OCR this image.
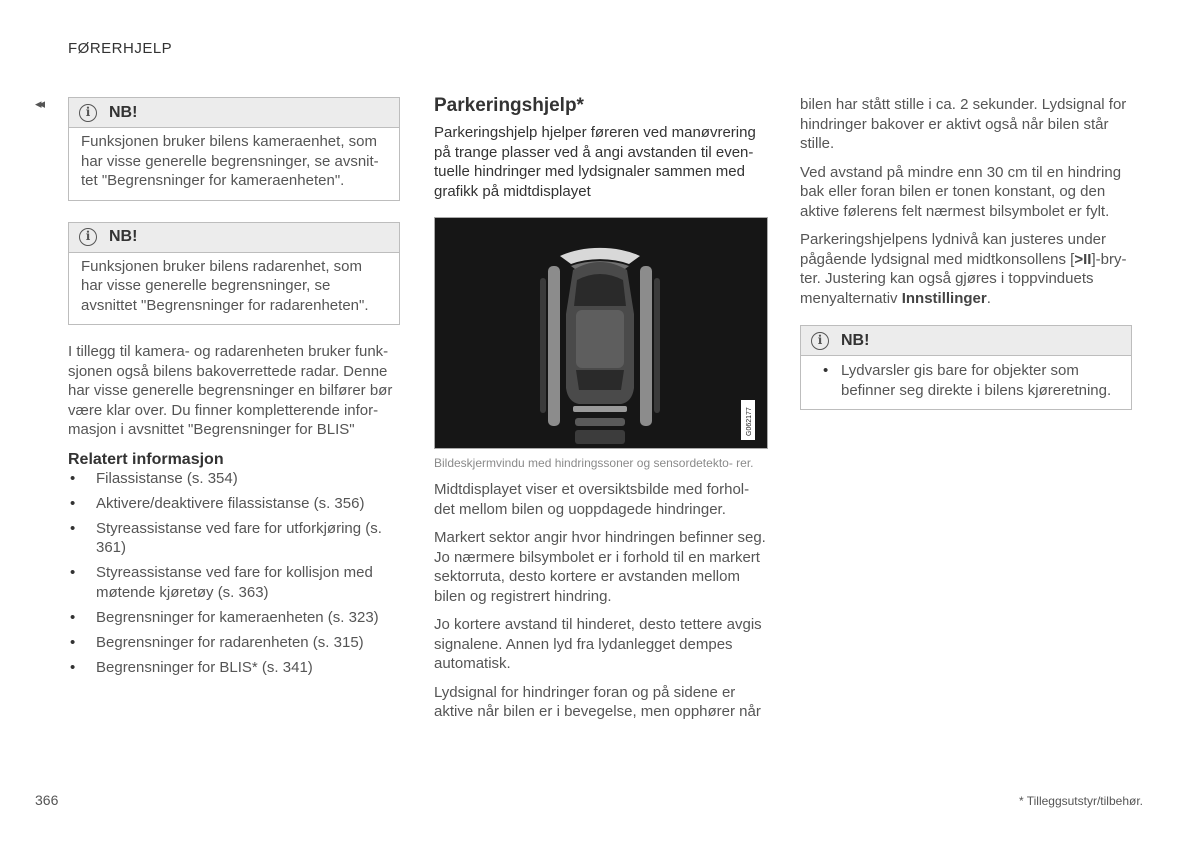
FØRERHJELP
◂◂
i	NB!

Funksjonen bruker bilens kameraenhet, som har visse generelle begrensninger, se avsnit- tet "Begrensninger for kameraenheten".

i	NB!

Funksjonen bruker bilens radarenhet, som har visse generelle begrensninger, se avsnittet "Begrensninger for radarenheten".

I tillegg til kamera- og radarenheten bruker funk- sjonen også bilens bakoverrettede radar. Denne har visse generelle begrensninger en bilfører bør være klar over. Du finner kompletterende infor- masjon i avsnittet "Begrensninger for BLIS"

Relatert informasjon
• Filassistanse (s. 354)
• Aktivere/deaktivere filassistanse (s. 356)
• Styreassistanse ved fare for utforkjøring (s. 361)
• Styreassistanse ved fare for kollisjon med møtende kjøretøy (s. 363)
• Begrensninger for kameraenheten (s. 323)
• Begrensninger for radarenheten (s. 315)
• Begrensninger for BLIS* (s. 341)
Parkeringshjelp*

Parkeringshjelp hjelper føreren ved manøvrering på trange plasser ved å angi avstanden til even- tuelle hindringer med lydsignaler sammen med grafikk på midtdisplayet

G062177
Bildeskjermvindu med hindringssoner og sensordetekto- rer.

Midtdisplayet viser et oversiktsbilde med forhol- det mellom bilen og uoppdagede hindringer.

Markert sektor angir hvor hindringen befinner seg. Jo nærmere bilsymbolet er i forhold til en markert sektorruta, desto kortere er avstanden mellom bilen og registrert hindring.

Jo kortere avstand til hinderet, desto tettere avgis signalene. Annen lyd fra lydanlegget dempes automatisk.

Lydsignal for hindringer foran og på sidene er aktive når bilen er i bevegelse, men opphører når

bilen har stått stille i ca. 2 sekunder. Lydsignal for hindringer bakover er aktivt også når bilen står stille.

Ved avstand på mindre enn 30 cm til en hindring bak eller foran bilen er tonen konstant, og den aktive følerens felt nærmest bilsymbolet er fylt.

Parkeringshjelpens lydnivå kan justeres under pågående lydsignal med midtkonsollens [>II]-bry- ter. Justering kan også gjøres i toppvinduets menyalternativ Innstillinger.

i	NB!
• Lydvarsler gis bare for objekter som befinner seg direkte i bilens kjøreretning.
366	* Tilleggsutstyr/tilbehør.
